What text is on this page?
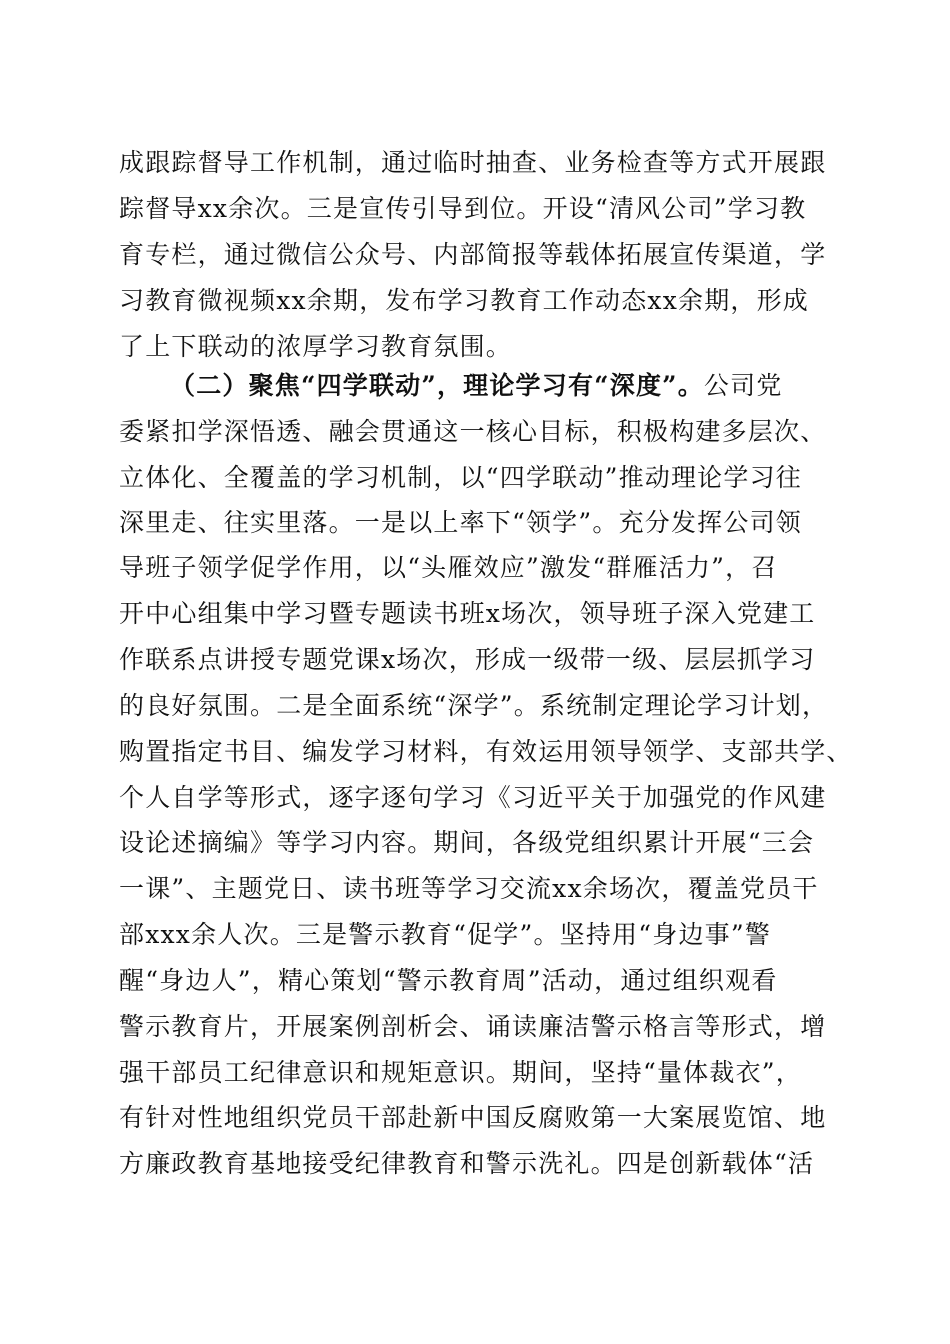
成跟踪督导工作机制，通过临时抽查、业务检查等方式开展跟
踪督导xx余次。三是宣传引导到位。开设“清风公司”学习教
育专栏，通过微信公众号、内部简报等载体拓展宣传渠道，学
习教育微视频xx余期，发布学习教育工作动态xx余期，形成
了上下联动的浓厚学习教育氛围。
（二）聚焦“四学联动”，理论学习有“深度”。公司党
委紧扣学深悟透、融会贯通这一核心目标，积极构建多层次、
立体化、全覆盖的学习机制，以“四学联动”推动理论学习往
深里走、往实里落。一是以上率下“领学”。充分发挥公司领
导班子领学促学作用，以“头雁效应”激发“群雁活力”，召
开中心组集中学习暨专题读书班x场次，领导班子深入党建工
作联系点讲授专题党课x场次，形成一级带一级、层层抓学习
的良好氛围。二是全面系统“深学”。系统制定理论学习计划，
购置指定书目、编发学习材料，有效运用领导领学、支部共学、
个人自学等形式，逐字逐句学习《习近平关于加强党的作风建
设论述摘编》等学习内容。期间，各级党组织累计开展“三会
一课”、主题党日、读书班等学习交流xx余场次，覆盖党员干
部xxx余人次。三是警示教育“促学”。坚持用“身边事”警
醒“身边人”，精心策划“警示教育周”活动，通过组织观看
警示教育片，开展案例剖析会、诵读廉洁警示格言等形式，增
强干部员工纪律意识和规矩意识。期间，坚持“量体裁衣”，
有针对性地组织党员干部赴新中国反腐败第一大案展览馆、地
方廉政教育基地接受纪律教育和警示洗礼。四是创新载体“活
